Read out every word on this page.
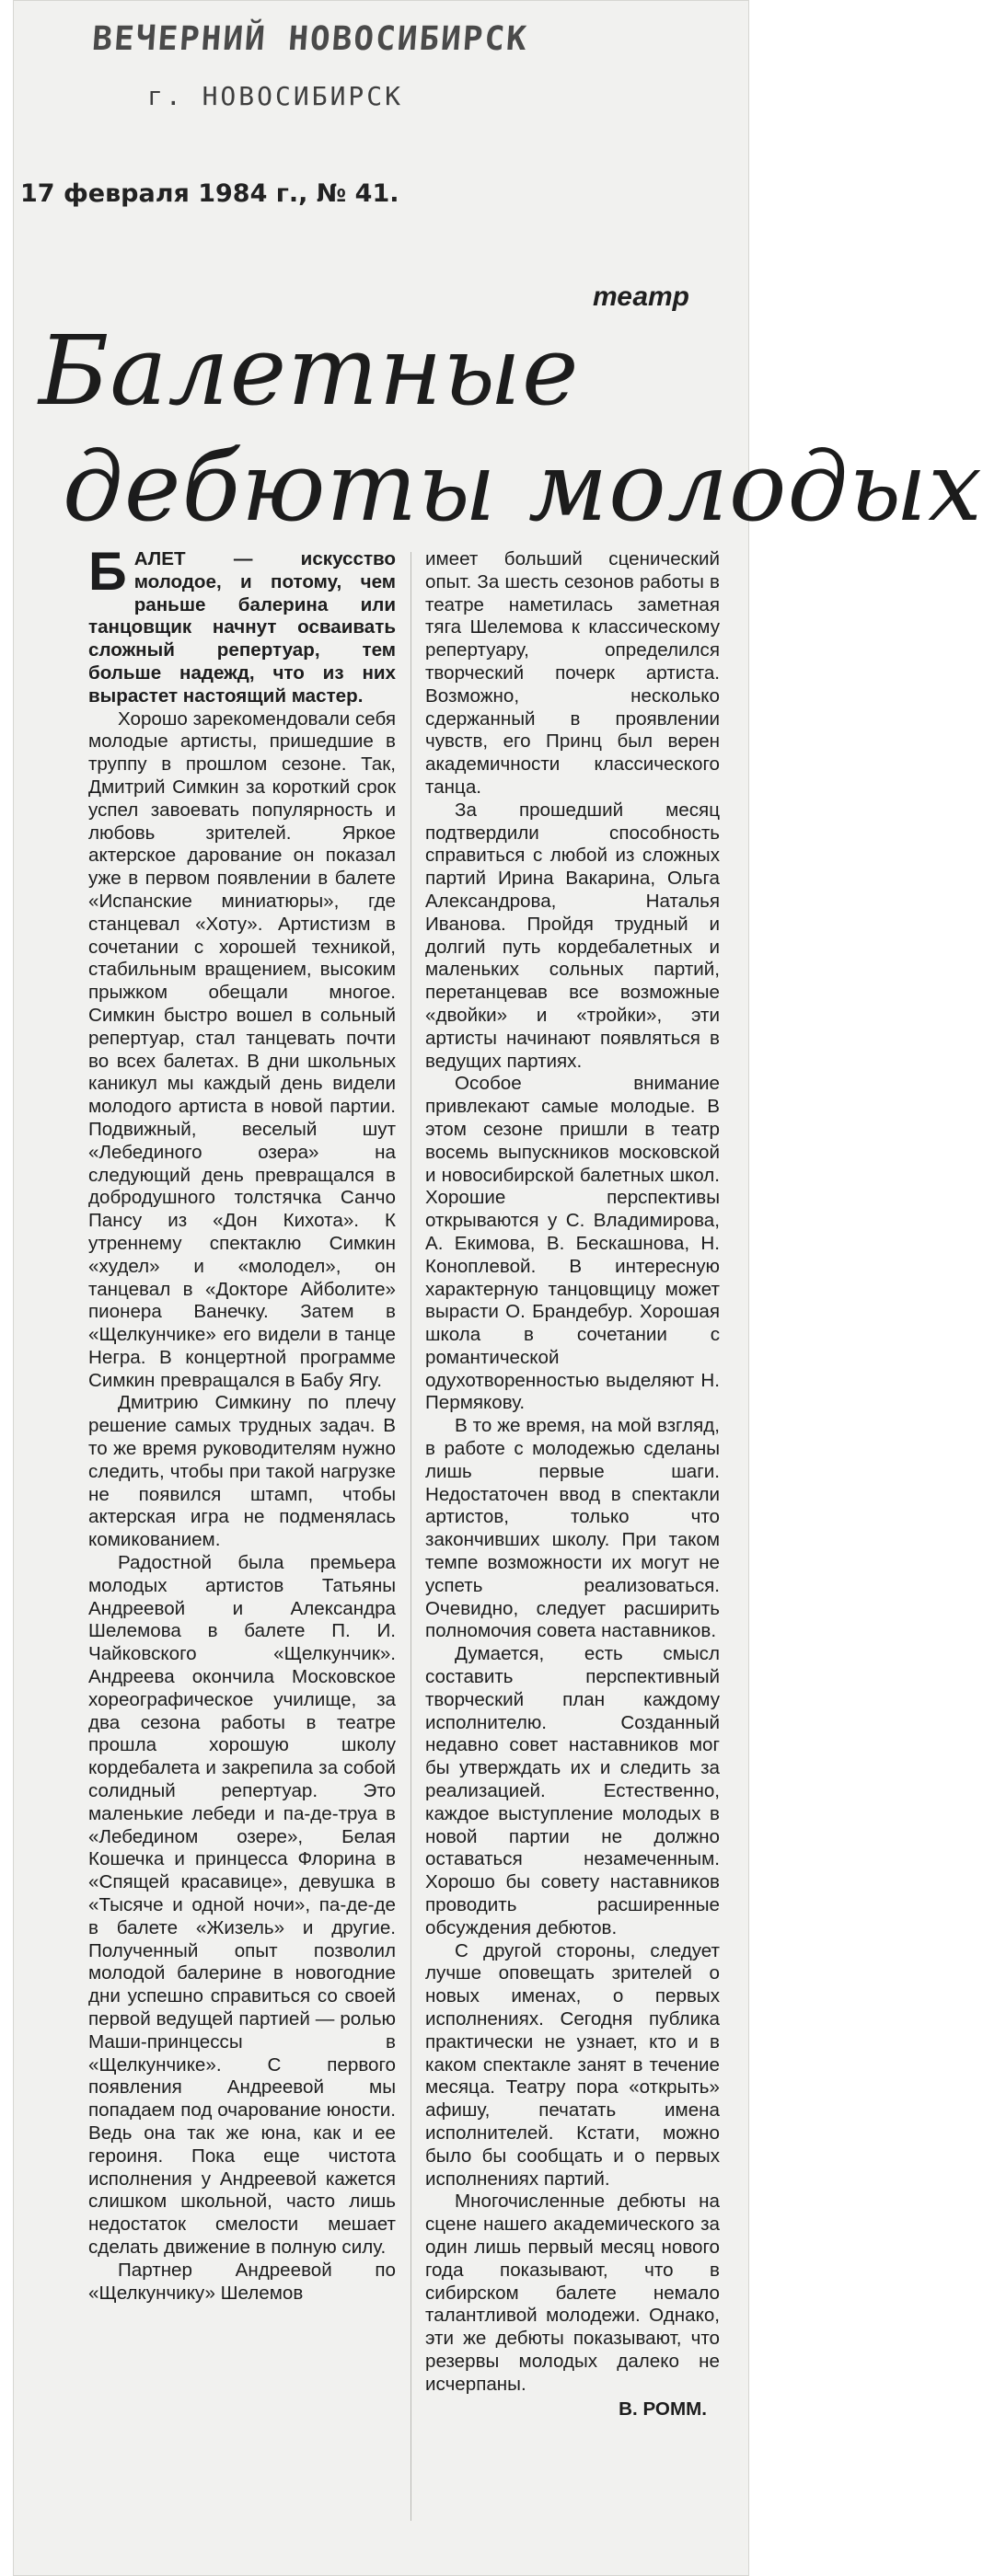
ВЕЧЕРНИЙ НОВОСИБИРСК
г. НОВОСИБИРСК
17 февраля 1984 г., № 41.
театр
Балетные
дебюты молодых

Б АЛЕТ — искусство молодое, и потому, чем раньше балерина или танцовщик начнут осваивать сложный репертуар, тем больше надежд, что из них вырастет настоящий мастер.

Хорошо зарекомендовали себя молодые артисты, пришедшие в труппу в прошлом сезоне. Так, Дмитрий Симкин за короткий срок успел завоевать популярность и любовь зрителей. Яркое актерское дарование он показал уже в первом появлении в балете «Испанские миниатюры», где станцевал «Хоту». Артистизм в сочетании с хорошей техникой, стабильным вращением, высоким прыжком обещали многое. Симкин быстро вошел в сольный репертуар, стал танцевать почти во всех балетах. В дни школьных каникул мы каждый день видели молодого артиста в новой партии. Подвижный, веселый шут «Лебединого озера» на следующий день превращался в добродушного толстячка Санчо Пансу из «Дон Кихота». К утреннему спектаклю Симкин «худел» и «молодел», он танцевал в «Докторе Айболите» пионера Ванечку. Затем в «Щелкунчике» его видели в танце Негра. В концертной программе Симкин превращался в Бабу Ягу.

Дмитрию Симкину по плечу решение самых трудных задач. В то же время руководителям нужно следить, чтобы при такой нагрузке не появился штамп, чтобы актерская игра не подменялась комикованием.

Радостной была премьера молодых артистов Татьяны Андреевой и Александра Шелемова в балете П. И. Чайковского «Щелкунчик». Андреева окончила Московское хореографическое училище, за два сезона работы в театре прошла хорошую школу кордебалета и закрепила за собой солидный репертуар. Это маленькие лебеди и па-де-труа в «Лебедином озере», Белая Кошечка и принцесса Флорина в «Спящей красавице», девушка в «Тысяче и одной ночи», па-де-де в балете «Жизель» и другие. Полученный опыт позволил молодой балерине в новогодние дни успешно справиться со своей первой ведущей партией — ролью Маши-принцессы в «Щелкунчике». С первого появления Андреевой мы попадаем под очарование юности. Ведь она так же юна, как и ее героиня. Пока еще чистота исполнения у Андреевой кажется слишком школьной, часто лишь недостаток смелости мешает сделать движение в полную силу.

Партнер Андреевой по «Щелкунчику» Шелемов

имеет больший сценический опыт. За шесть сезонов работы в театре наметилась заметная тяга Шелемова к классическому репертуару, определился творческий почерк артиста. Возможно, несколько сдержанный в проявлении чувств, его Принц был верен академичности классического танца.

За прошедший месяц подтвердили способность справиться с любой из сложных партий Ирина Вакарина, Ольга Александрова, Наталья Иванова. Пройдя трудный и долгий путь кордебалетных и маленьких сольных партий, перетанцевав все возможные «двойки» и «тройки», эти артисты начинают появляться в ведущих партиях.

Особое внимание привлекают самые молодые. В этом сезоне пришли в театр восемь выпускников московской и новосибирской балетных школ. Хорошие перспективы открываются у С. Владимирова, А. Екимова, В. Бескашнова, Н. Коноплевой. В интересную характерную танцовщицу может вырасти О. Брандебур. Хорошая школа в сочетании с романтической одухотворенностью выделяют Н. Пермякову.

В то же время, на мой взгляд, в работе с молодежью сделаны лишь первые шаги. Недостаточен ввод в спектакли артистов, только что закончивших школу. При таком темпе возможности их могут не успеть реализоваться. Очевидно, следует расширить полномочия совета наставников.

Думается, есть смысл составить перспективный творческий план каждому исполнителю. Созданный недавно совет наставников мог бы утверждать их и следить за реализацией. Естественно, каждое выступление молодых в новой партии не должно оставаться незамеченным. Хорошо бы совету наставников проводить расширенные обсуждения дебютов.

С другой стороны, следует лучше оповещать зрителей о новых именах, о первых исполнениях. Сегодня публика практически не узнает, кто и в каком спектакле занят в течение месяца. Театру пора «открыть» афишу, печатать имена исполнителей. Кстати, можно было бы сообщать и о первых исполнениях партий.

Многочисленные дебюты на сцене нашего академического за один лишь первый месяц нового года показывают, что в сибирском балете немало талантливой молодежи. Однако, эти же дебюты показывают, что резервы молодых далеко не исчерпаны.

В. РОММ.
